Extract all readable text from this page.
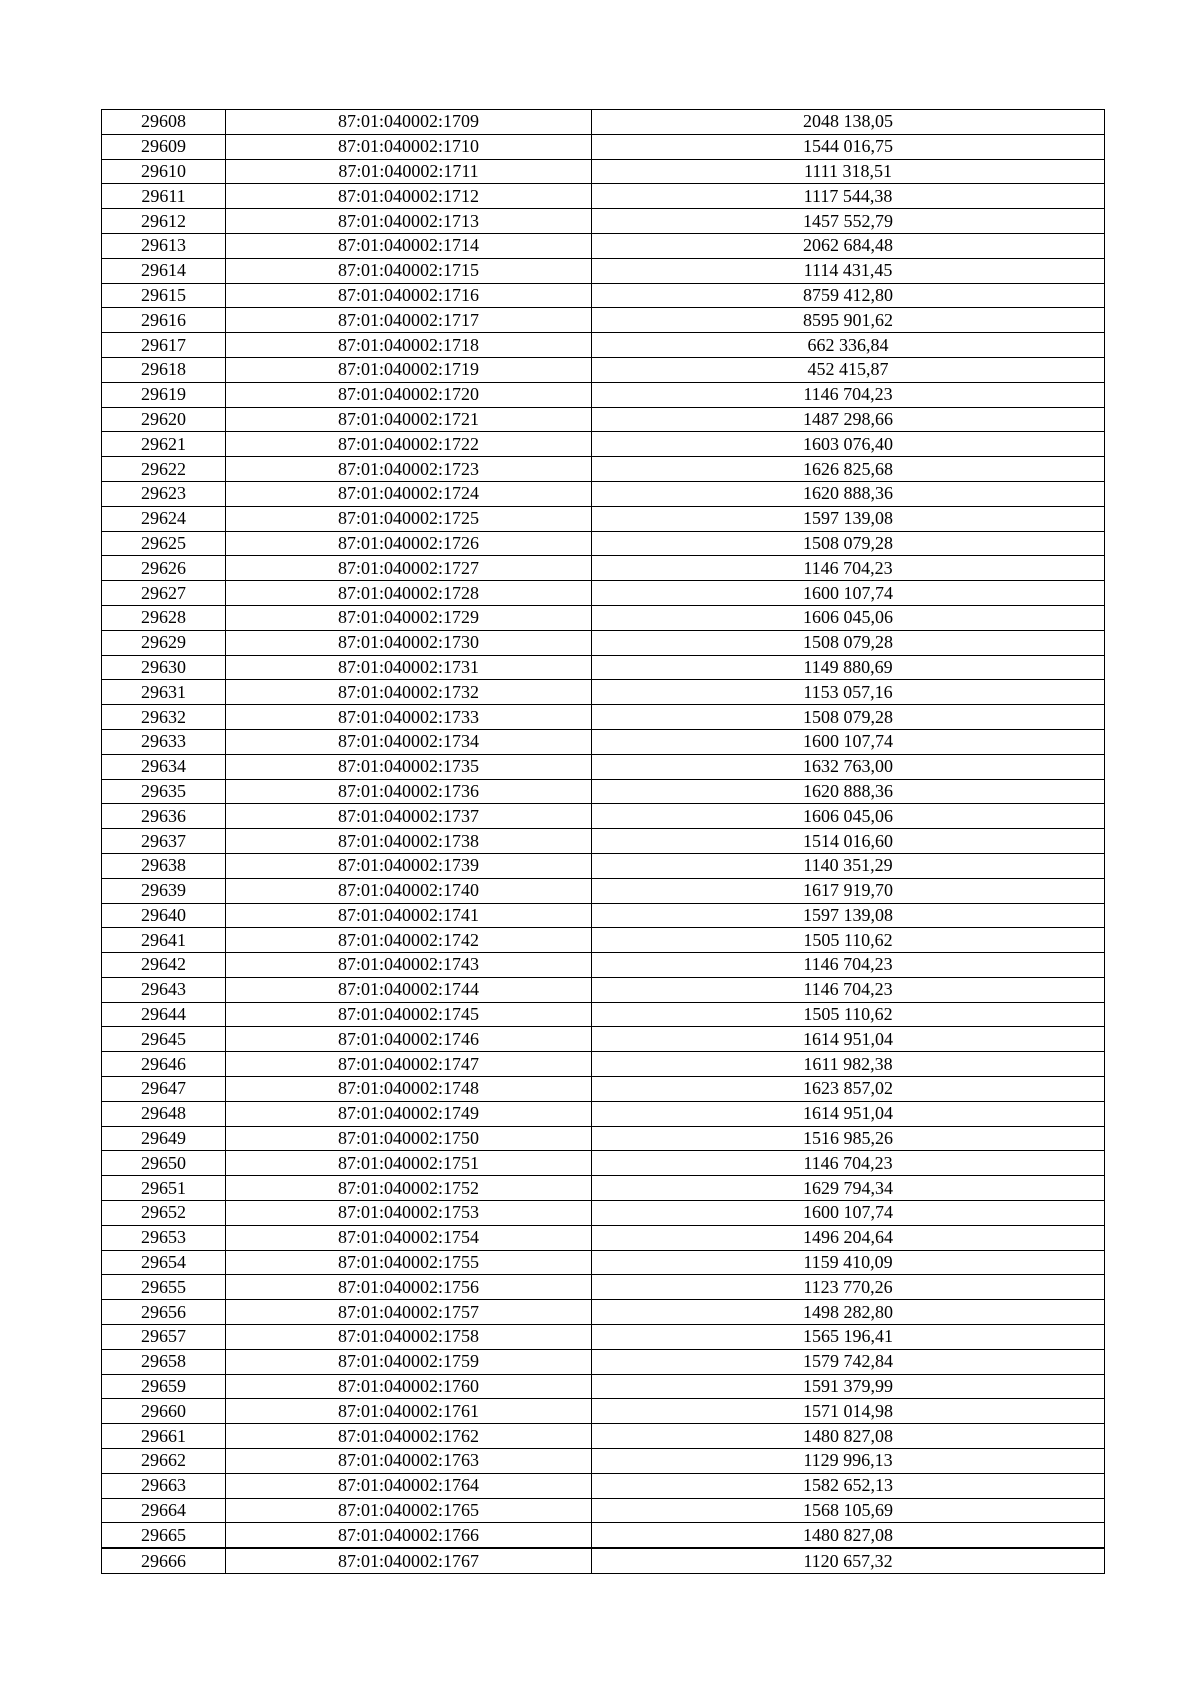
29608	87:01:040002:1709	2048 138,05
29609	87:01:040002:1710	1544 016,75
29610	87:01:040002:1711	1111 318,51
29611	87:01:040002:1712	1117 544,38
29612	87:01:040002:1713	1457 552,79
29613	87:01:040002:1714	2062 684,48
29614	87:01:040002:1715	1114 431,45
29615	87:01:040002:1716	8759 412,80
29616	87:01:040002:1717	8595 901,62
29617	87:01:040002:1718	662 336,84
29618	87:01:040002:1719	452 415,87
29619	87:01:040002:1720	1146 704,23
29620	87:01:040002:1721	1487 298,66
29621	87:01:040002:1722	1603 076,40
29622	87:01:040002:1723	1626 825,68
29623	87:01:040002:1724	1620 888,36
29624	87:01:040002:1725	1597 139,08
29625	87:01:040002:1726	1508 079,28
29626	87:01:040002:1727	1146 704,23
29627	87:01:040002:1728	1600 107,74
29628	87:01:040002:1729	1606 045,06
29629	87:01:040002:1730	1508 079,28
29630	87:01:040002:1731	1149 880,69
29631	87:01:040002:1732	1153 057,16
29632	87:01:040002:1733	1508 079,28
29633	87:01:040002:1734	1600 107,74
29634	87:01:040002:1735	1632 763,00
29635	87:01:040002:1736	1620 888,36
29636	87:01:040002:1737	1606 045,06
29637	87:01:040002:1738	1514 016,60
29638	87:01:040002:1739	1140 351,29
29639	87:01:040002:1740	1617 919,70
29640	87:01:040002:1741	1597 139,08
29641	87:01:040002:1742	1505 110,62
29642	87:01:040002:1743	1146 704,23
29643	87:01:040002:1744	1146 704,23
29644	87:01:040002:1745	1505 110,62
29645	87:01:040002:1746	1614 951,04
29646	87:01:040002:1747	1611 982,38
29647	87:01:040002:1748	1623 857,02
29648	87:01:040002:1749	1614 951,04
29649	87:01:040002:1750	1516 985,26
29650	87:01:040002:1751	1146 704,23
29651	87:01:040002:1752	1629 794,34
29652	87:01:040002:1753	1600 107,74
29653	87:01:040002:1754	1496 204,64
29654	87:01:040002:1755	1159 410,09
29655	87:01:040002:1756	1123 770,26
29656	87:01:040002:1757	1498 282,80
29657	87:01:040002:1758	1565 196,41
29658	87:01:040002:1759	1579 742,84
29659	87:01:040002:1760	1591 379,99
29660	87:01:040002:1761	1571 014,98
29661	87:01:040002:1762	1480 827,08
29662	87:01:040002:1763	1129 996,13
29663	87:01:040002:1764	1582 652,13
29664	87:01:040002:1765	1568 105,69
29665	87:01:040002:1766	1480 827,08
29666	87:01:040002:1767	1120 657,32
